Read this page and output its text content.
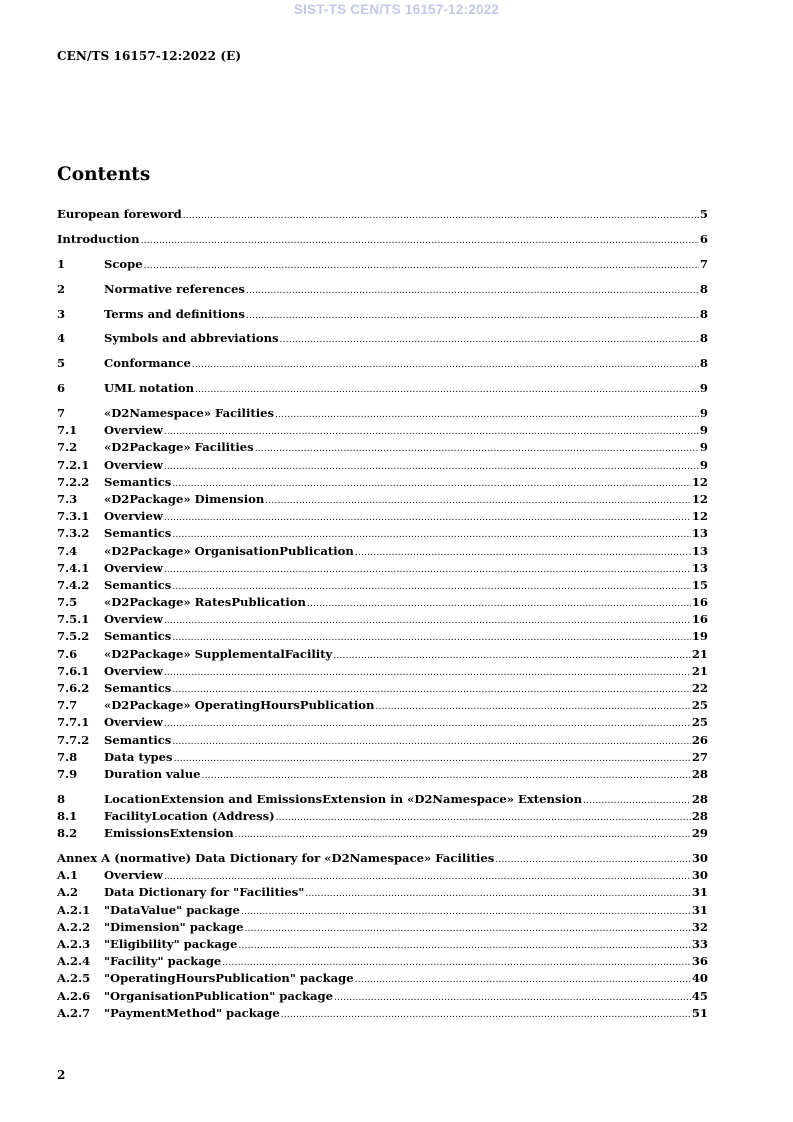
SIST-TS CEN/TS 16157-12:2022
CEN/TS 16157-12:2022 (E)
Contents
European foreword .....	5
Introduction .....	6
1	Scope .....	7
2	Normative references .....	8
3	Terms and definitions .....	8
4	Symbols and abbreviations .....	8
5	Conformance .....	8
6	UML notation .....	9
7	«D2Namespace» Facilities .....	9
7.1	Overview .....	9
7.2	«D2Package» Facilities .....	9
7.2.1	Overview .....	9
7.2.2	Semantics .....	12
7.3	«D2Package» Dimension .....	12
7.3.1	Overview .....	12
7.3.2	Semantics .....	13
7.4	«D2Package» OrganisationPublication .....	13
7.4.1	Overview .....	13
7.4.2	Semantics .....	15
7.5	«D2Package» RatesPublication .....	16
7.5.1	Overview .....	16
7.5.2	Semantics .....	19
7.6	«D2Package» SupplementalFacility .....	21
7.6.1	Overview .....	21
7.6.2	Semantics .....	22
7.7	«D2Package» OperatingHoursPublication .....	25
7.7.1	Overview .....	25
7.7.2	Semantics .....	26
7.8	Data types .....	27
7.9	Duration value .....	28
8	LocationExtension and EmissionsExtension in «D2Namespace» Extension .....	28
8.1	FacilityLocation (Address) .....	28
8.2	EmissionsExtension .....	29
Annex A (normative) Data Dictionary for «D2Namespace» Facilities .....	30
A.1	Overview .....	30
A.2	Data Dictionary for "Facilities" .....	31
A.2.1	"DataValue" package .....	31
A.2.2	"Dimension" package .....	32
A.2.3	"Eligibility" package .....	33
A.2.4	"Facility" package .....	36
A.2.5	"OperatingHoursPublication" package .....	40
A.2.6	"OrganisationPublication" package .....	45
A.2.7	"PaymentMethod" package .....	51
2
